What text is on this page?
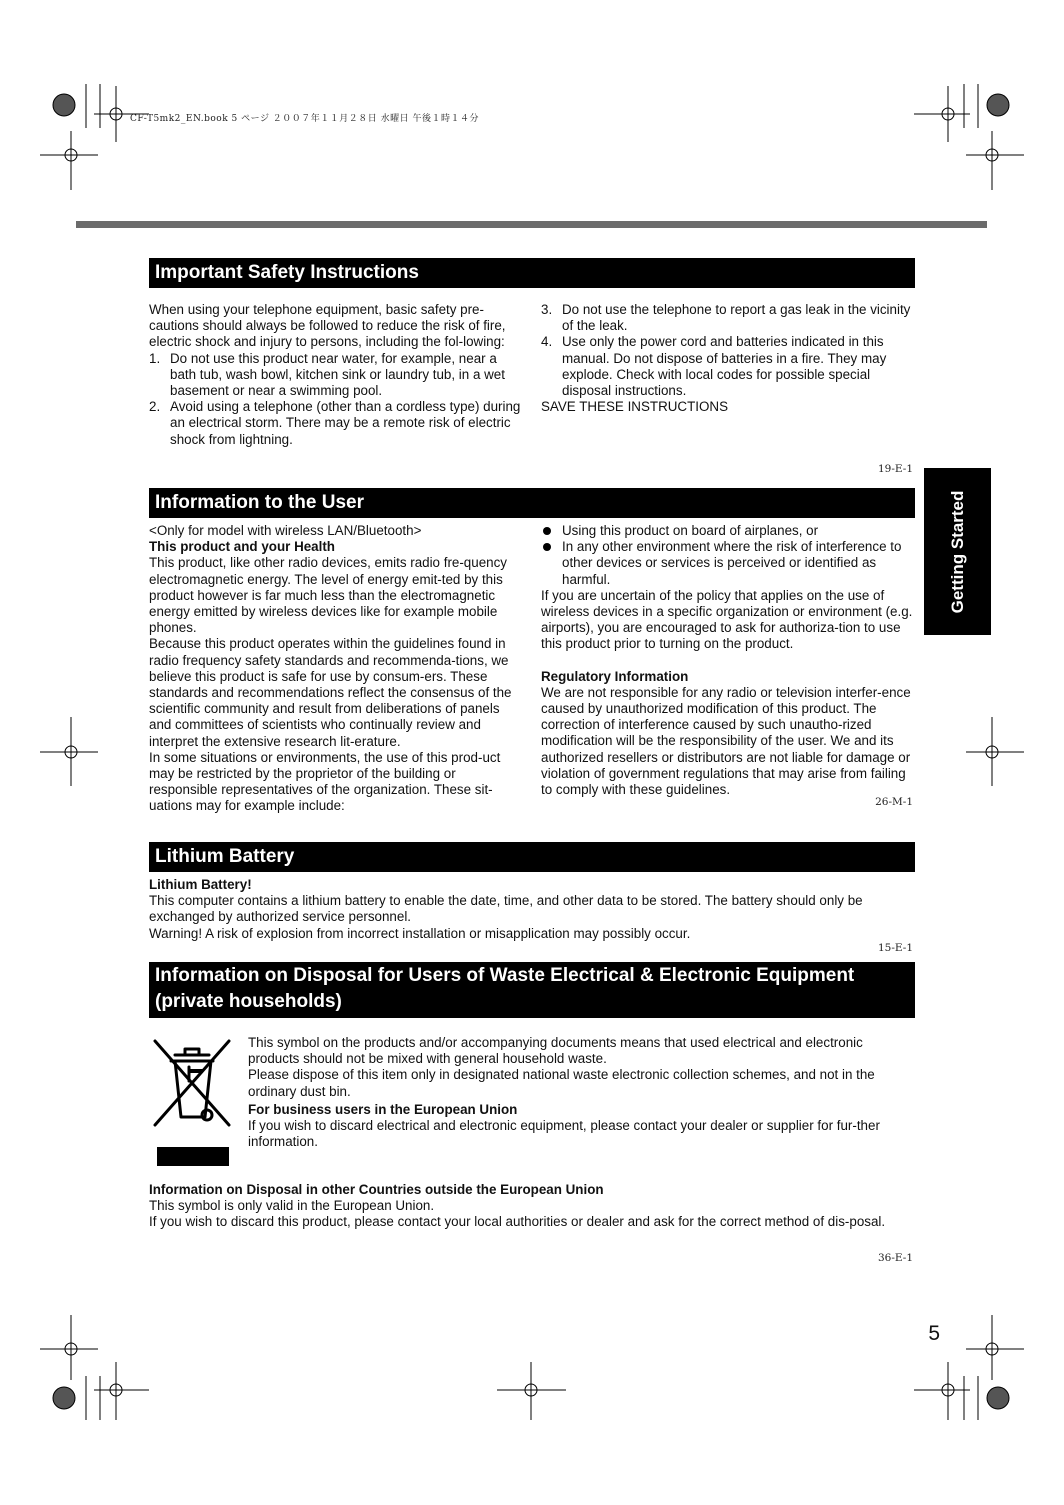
CF-T5mk2_EN.book 5 ページ ２００７年１１月２８日 水曜日 午後１時１４分
Important Safety Instructions

When using your telephone equipment, basic safety pre-cautions should always be followed to reduce the risk of fire, electric shock and injury to persons, including the fol-lowing:

1. Do not use this product near water, for example, near a bath tub, wash bowl, kitchen sink or laundry tub, in a wet basement or near a swimming pool.
2. Avoid using a telephone (other than a cordless type) during an electrical storm. There may be a remote risk of electric shock from lightning.
3. Do not use the telephone to report a gas leak in the vicinity of the leak.
4. Use only the power cord and batteries indicated in this manual. Do not dispose of batteries in a fire. They may explode. Check with local codes for possible special disposal instructions.

SAVE THESE INSTRUCTIONS

19-E-1
Getting Started
Information to the User

<Only for model with wireless LAN/Bluetooth>

This product and your Health

This product, like other radio devices, emits radio fre-quency electromagnetic energy. The level of energy emit-ted by this product however is far much less than the electromagnetic energy emitted by wireless devices like for example mobile phones.

Because this product operates within the guidelines found in radio frequency safety standards and recommenda-tions, we believe this product is safe for use by consum-ers. These standards and recommendations reflect the consensus of the scientific community and result from deliberations of panels and committees of scientists who continually review and interpret the extensive research lit-erature.

In some situations or environments, the use of this prod-uct may be restricted by the proprietor of the building or responsible representatives of the organization. These sit-uations may for example include:

Using this product on board of airplanes, or
In any other environment where the risk of interference to other devices or services is perceived or identified as harmful.

If you are uncertain of the policy that applies on the use of wireless devices in a specific organization or environment (e.g. airports), you are encouraged to ask for authoriza-tion to use this product prior to turning on the product.

Regulatory Information

We are not responsible for any radio or television interfer-ence caused by unauthorized modification of this product. The correction of interference caused by such unautho-rized modification will be the responsibility of the user. We and its authorized resellers or distributors are not liable for damage or violation of government regulations that may arise from failing to comply with these guidelines.

26-M-1
Lithium Battery

Lithium Battery!

This computer contains a lithium battery to enable the date, time, and other data to be stored. The battery should only be exchanged by authorized service personnel.

Warning! A risk of explosion from incorrect installation or misapplication may possibly occur.

15-E-1
Information on Disposal for Users of Waste Electrical & Electronic Equipment (private households)

This symbol on the products and/or accompanying documents means that used electrical and electronic products should not be mixed with general household waste.

Please dispose of this item only in designated national waste electronic collection schemes, and not in the ordinary dust bin.

For business users in the European Union

If you wish to discard electrical and electronic equipment, please contact your dealer or supplier for fur-ther information.

Information on Disposal in other Countries outside the European Union

This symbol is only valid in the European Union.

If you wish to discard this product, please contact your local authorities or dealer and ask for the correct method of dis-posal.

36-E-1
5
